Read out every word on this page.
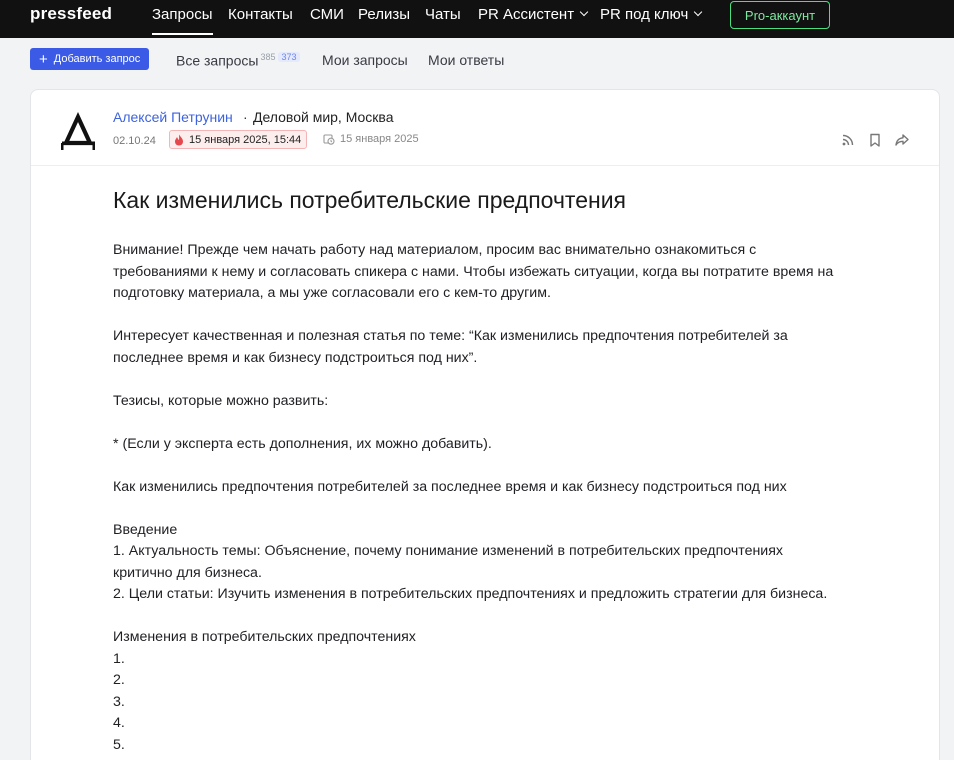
pressfeed	Запросы Контакты СМИ Релизы Чаты PR Ассистент	PR под ключ	Pro-аккаунт
+ Добавить запрос	Все запросы $^{385}$ $^{373}$ Мои запросы Мои ответы
Алексей Петрунин · Деловой мир, Москва
02.10.24	15 января 2025, 15:44	15 января 2025
Как изменились потребительские предпочтения

Внимание! Прежде чем начать работу над материалом, просим вас внимательно ознакомиться с

требованиями к нему и согласовать спикера с нами. Чтобы избежать ситуации, когда вы потратите время на

подготовку материала, а мы уже согласовали его с кем-то другим.

Интересует качественная и полезная статья по теме: “Как изменились предпочтения потребителей за

последнее время и как бизнесу подстроиться под них”.

Тезисы, которые можно развить:

* (Если у эксперта есть дополнения, их можно добавить).

Как изменились предпочтения потребителей за последнее время и как бизнесу подстроиться под них

Введение

1. Актуальность темы: Объяснение, почему понимание изменений в потребительских предпочтениях

критично для бизнеса.

2. Цели статьи: Изучить изменения в потребительских предпочтениях и предложить стратегии для бизнеса.

Изменения в потребительских предпочтениях

1.

2.

3.

4.

5.
